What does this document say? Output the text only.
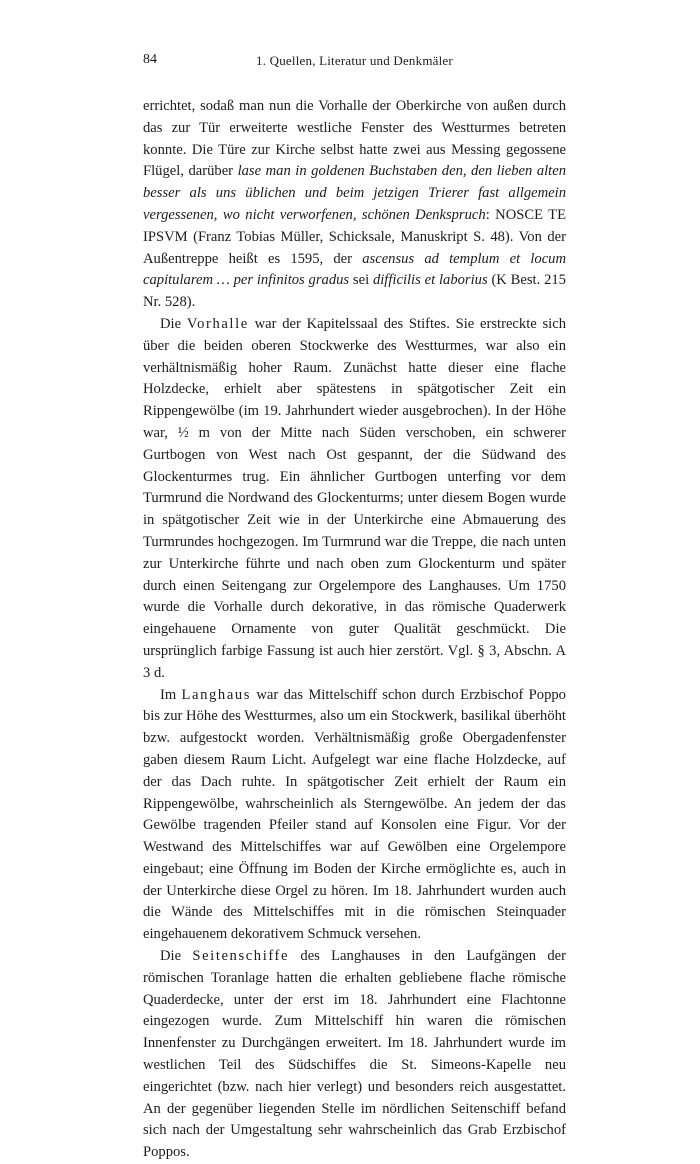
84	1. Quellen, Literatur und Denkmäler

errichtet, sodaß man nun die Vorhalle der Oberkirche von außen durch das zur Tür erweiterte westliche Fenster des Westturmes betreten konnte. Die Türe zur Kirche selbst hatte zwei aus Messing gegossene Flügel, darüber lase man in goldenen Buchstaben den, den lieben alten besser als uns üblichen und beim jetzigen Trierer fast allgemein vergessenen, wo nicht verworfenen, schönen Denkspruch: NOSCE TE IPSVM (Franz Tobias Müller, Schicksale, Manuskript S. 48). Von der Außentreppe heißt es 1595, der ascensus ad templum et locum capitularem … per infinitos gradus sei difficilis et laborius (K Best. 215 Nr. 528).

Die Vorhalle war der Kapitelssaal des Stiftes. Sie erstreckte sich über die beiden oberen Stockwerke des Westturmes, war also ein verhältnismäßig hoher Raum. Zunächst hatte dieser eine flache Holzdecke, erhielt aber spätestens in spätgotischer Zeit ein Rippengewölbe (im 19. Jahrhundert wieder ausgebrochen). In der Höhe war, ½ m von der Mitte nach Süden verschoben, ein schwerer Gurtbogen von West nach Ost gespannt, der die Südwand des Glockenturmes trug. Ein ähnlicher Gurtbogen unterfing vor dem Turmrund die Nordwand des Glockenturms; unter diesem Bogen wurde in spätgotischer Zeit wie in der Unterkirche eine Abmauerung des Turmrundes hochgezogen. Im Turmrund war die Treppe, die nach unten zur Unterkirche führte und nach oben zum Glockenturm und später durch einen Seitengang zur Orgelempore des Langhauses. Um 1750 wurde die Vorhalle durch dekorative, in das römische Quaderwerk eingehauene Ornamente von guter Qualität geschmückt. Die ursprünglich farbige Fassung ist auch hier zerstört. Vgl. § 3, Abschn. A 3 d.

Im Langhaus war das Mittelschiff schon durch Erzbischof Poppo bis zur Höhe des Westturmes, also um ein Stockwerk, basilikal überhöht bzw. aufgestockt worden. Verhältnismäßig große Obergadenfenster gaben diesem Raum Licht. Aufgelegt war eine flache Holzdecke, auf der das Dach ruhte. In spätgotischer Zeit erhielt der Raum ein Rippengewölbe, wahrscheinlich als Sterngewölbe. An jedem der das Gewölbe tragenden Pfeiler stand auf Konsolen eine Figur. Vor der Westwand des Mittelschiffes war auf Gewölben eine Orgelempore eingebaut; eine Öffnung im Boden der Kirche ermöglichte es, auch in der Unterkirche diese Orgel zu hören. Im 18. Jahrhundert wurden auch die Wände des Mittelschiffes mit in die römischen Steinquader eingehauenem dekorativem Schmuck versehen.

Die Seitenschiffe des Langhauses in den Laufgängen der römischen Toranlage hatten die erhalten gebliebene flache römische Quaderdecke, unter der erst im 18. Jahrhundert eine Flachtonne eingezogen wurde. Zum Mittelschiff hin waren die römischen Innenfenster zu Durchgängen erweitert. Im 18. Jahrhundert wurde im westlichen Teil des Südschiffes die St. Simeons-Kapelle neu eingerichtet (bzw. nach hier verlegt) und besonders reich ausgestattet. An der gegenüber liegenden Stelle im nördlichen Seitenschiff befand sich nach der Umgestaltung sehr wahrscheinlich das Grab Erzbischof Poppos.
